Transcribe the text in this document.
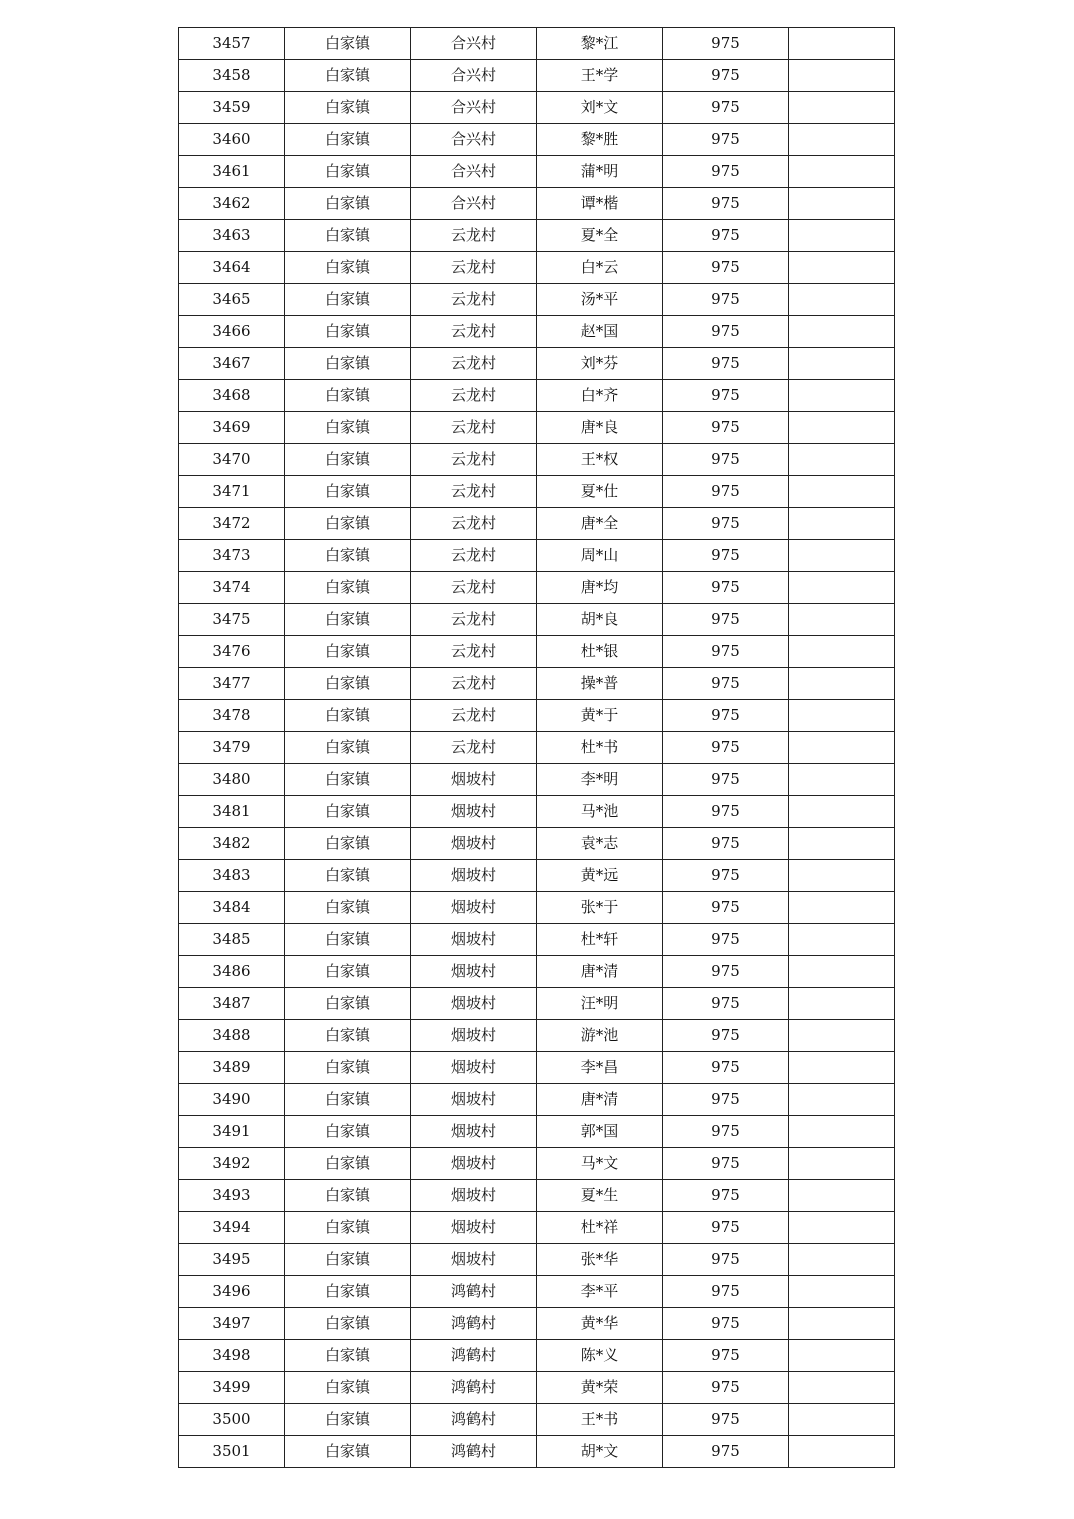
3457	白家镇	合兴村	黎*江	975	
3458	白家镇	合兴村	王*学	975	
3459	白家镇	合兴村	刘*文	975	
3460	白家镇	合兴村	黎*胜	975	
3461	白家镇	合兴村	蒲*明	975	
3462	白家镇	合兴村	谭*楷	975	
3463	白家镇	云龙村	夏*全	975	
3464	白家镇	云龙村	白*云	975	
3465	白家镇	云龙村	汤*平	975	
3466	白家镇	云龙村	赵*国	975	
3467	白家镇	云龙村	刘*芬	975	
3468	白家镇	云龙村	白*齐	975	
3469	白家镇	云龙村	唐*良	975	
3470	白家镇	云龙村	王*权	975	
3471	白家镇	云龙村	夏*仕	975	
3472	白家镇	云龙村	唐*全	975	
3473	白家镇	云龙村	周*山	975	
3474	白家镇	云龙村	唐*均	975	
3475	白家镇	云龙村	胡*良	975	
3476	白家镇	云龙村	杜*银	975	
3477	白家镇	云龙村	操*普	975	
3478	白家镇	云龙村	黄*于	975	
3479	白家镇	云龙村	杜*书	975	
3480	白家镇	烟坡村	李*明	975	
3481	白家镇	烟坡村	马*池	975	
3482	白家镇	烟坡村	袁*志	975	
3483	白家镇	烟坡村	黄*远	975	
3484	白家镇	烟坡村	张*于	975	
3485	白家镇	烟坡村	杜*轩	975	
3486	白家镇	烟坡村	唐*清	975	
3487	白家镇	烟坡村	汪*明	975	
3488	白家镇	烟坡村	游*池	975	
3489	白家镇	烟坡村	李*昌	975	
3490	白家镇	烟坡村	唐*清	975	
3491	白家镇	烟坡村	郭*国	975	
3492	白家镇	烟坡村	马*文	975	
3493	白家镇	烟坡村	夏*生	975	
3494	白家镇	烟坡村	杜*祥	975	
3495	白家镇	烟坡村	张*华	975	
3496	白家镇	鸿鹤村	李*平	975	
3497	白家镇	鸿鹤村	黄*华	975	
3498	白家镇	鸿鹤村	陈*义	975	
3499	白家镇	鸿鹤村	黄*荣	975	
3500	白家镇	鸿鹤村	王*书	975	
3501	白家镇	鸿鹤村	胡*文	975	
